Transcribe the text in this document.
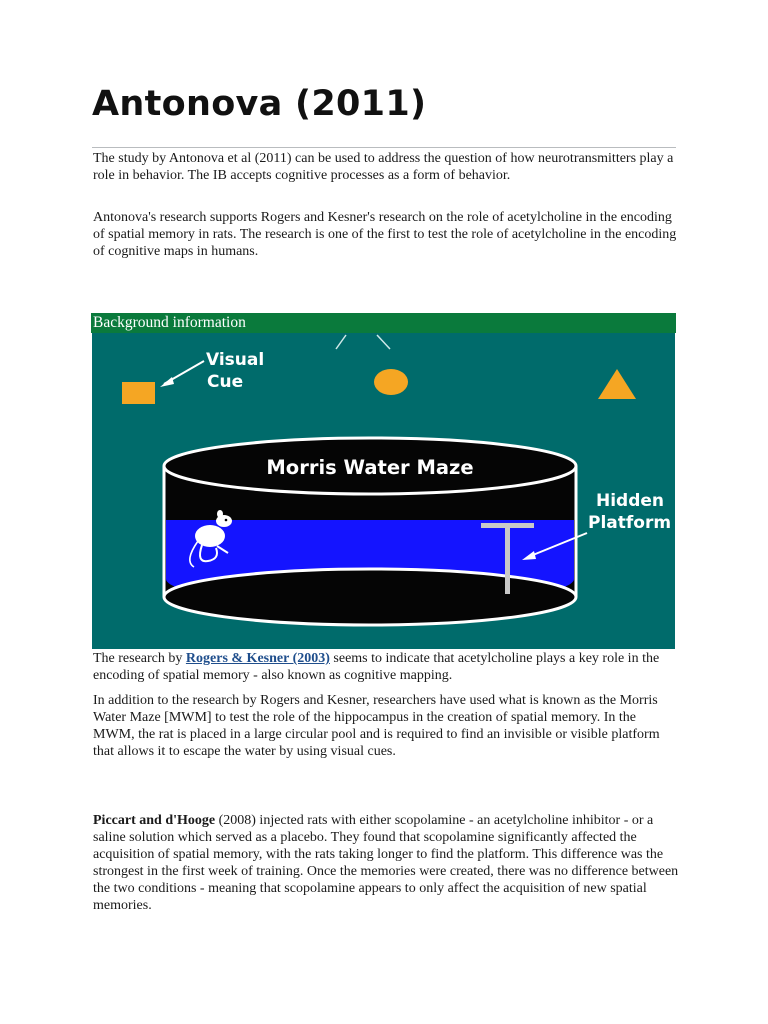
Antonova (2011)

The study by Antonova et al (2011) can be used to address the question of how neurotransmitters play a role in behavior. The IB accepts cognitive processes as a form of behavior.

Antonova's research supports Rogers and Kesner's research on the role of acetylcholine in the encoding of spatial memory in rats. The research is one of the first to test the role of acetylcholine in the encoding of cognitive maps in humans.

Background information
Visual
Cue
Morris Water Maze
Hidden
Platform

The research by Rogers & Kesner (2003) seems to indicate that acetylcholine plays a key role in the encoding of spatial memory - also known as cognitive mapping.

In addition to the research by Rogers and Kesner, researchers have used what is known as the Morris Water Maze [MWM] to test the role of the hippocampus in the creation of spatial memory. In the MWM, the rat is placed in a large circular pool and is required to find an invisible or visible platform that allows it to escape the water by using visual cues.

Piccart and d'Hooge (2008) injected rats with either scopolamine - an acetylcholine inhibitor - or a saline solution which served as a placebo. They found that scopolamine significantly affected the acquisition of spatial memory, with the rats taking longer to find the platform. This difference was the strongest in the first week of training. Once the memories were created, there was no difference between the two conditions - meaning that scopolamine appears to only affect the acquisition of new spatial memories.
